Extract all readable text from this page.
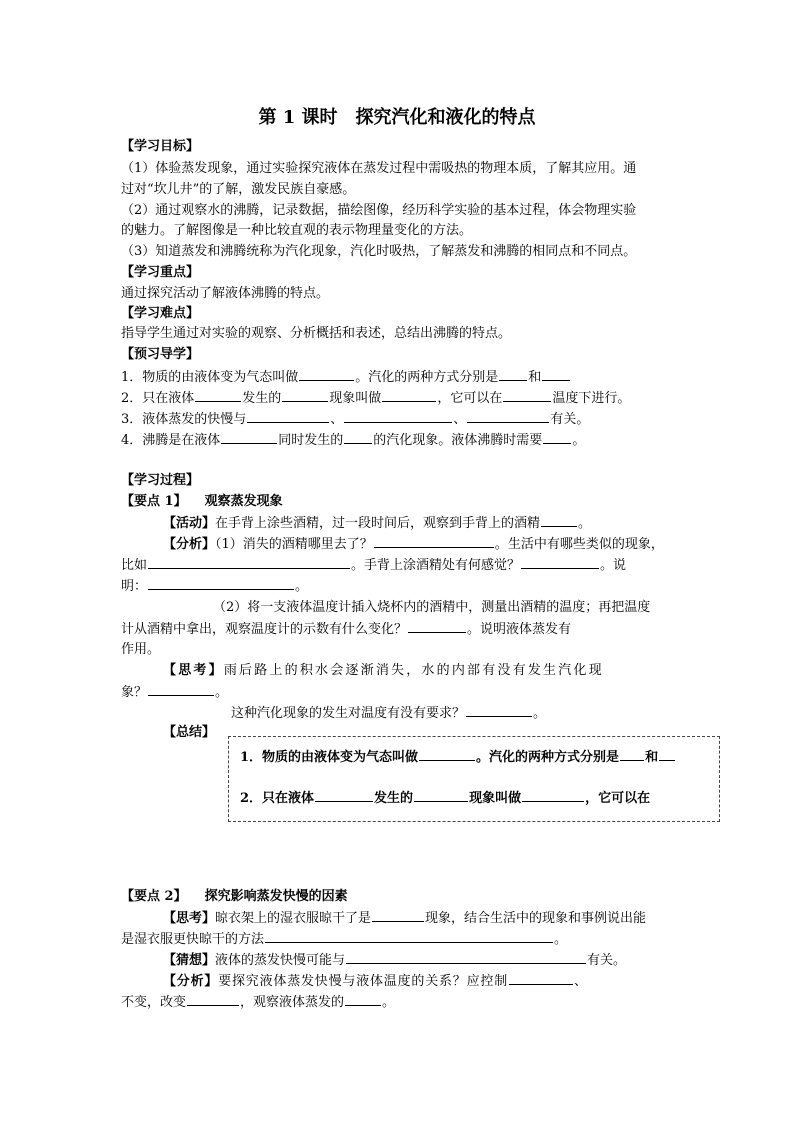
第 1 课时　探究汽化和液化的特点
【学习目标】
（1）体验蒸发现象，通过实验探究液体在蒸发过程中需吸热的物理本质，了解其应用。通
过对“坎儿井”的了解，激发民族自豪感。
（2）通过观察水的沸腾，记录数据，描绘图像，经历科学实验的基本过程，体会物理实验
的魅力。了解图像是一种比较直观的表示物理量变化的方法。
（3）知道蒸发和沸腾统称为汽化现象，汽化时吸热，了解蒸发和沸腾的相同点和不同点。
【学习重点】
通过探究活动了解液体沸腾的特点。
【学习难点】
指导学生通过对实验的观察、分析概括和表述，总结出沸腾的特点。
【预习导学】
1．物质的由液体变为气态叫做	。汽化的两种方式分别是 和
2．只在液体	发生的	现象叫做	，它可以在	温度下进行。
3．液体蒸发的快慢与	、	、	有关。
4．沸腾是在液体	同时发生的 的汽化现象。液体沸腾时需要 。
【学习过程】
【要点 1】 观察蒸发现象
【活动】在手背上涂些酒精，过一段时间后，观察到手背上的酒精	。
【分析】（1）消失的酒精哪里去了？	。生活中有哪些类似的现象，
比如	。手背上涂酒精处有何感觉？	。说
明：	。
（2）将一支液体温度计插入烧杯内的酒精中，测量出酒精的温度；再把温度
计从酒精中拿出，观察温度计的示数有什么变化？	。说明液体蒸发有
作用。
【思考】雨后路上的积水会逐渐消失，水的内部有没有发生汽化现
象？	。
这种汽化现象的发生对温度有没有要求？	。
【总结】
1．物质的由液体变为气态叫做	。汽化的两种方式分别是 和
2．只在液体	发生的	现象叫做	，它可以在
【要点 2】 探究影响蒸发快慢的因素
【思考】晾衣架上的湿衣服晾干了是	现象，结合生活中的现象和事例说出能
是湿衣服更快晾干的方法	。
【猜想】液体的蒸发快慢可能与	有关。
【分析】要探究液体蒸发快慢与液体温度的关系？应控制	、
不变，改变	，观察液体蒸发的	。
